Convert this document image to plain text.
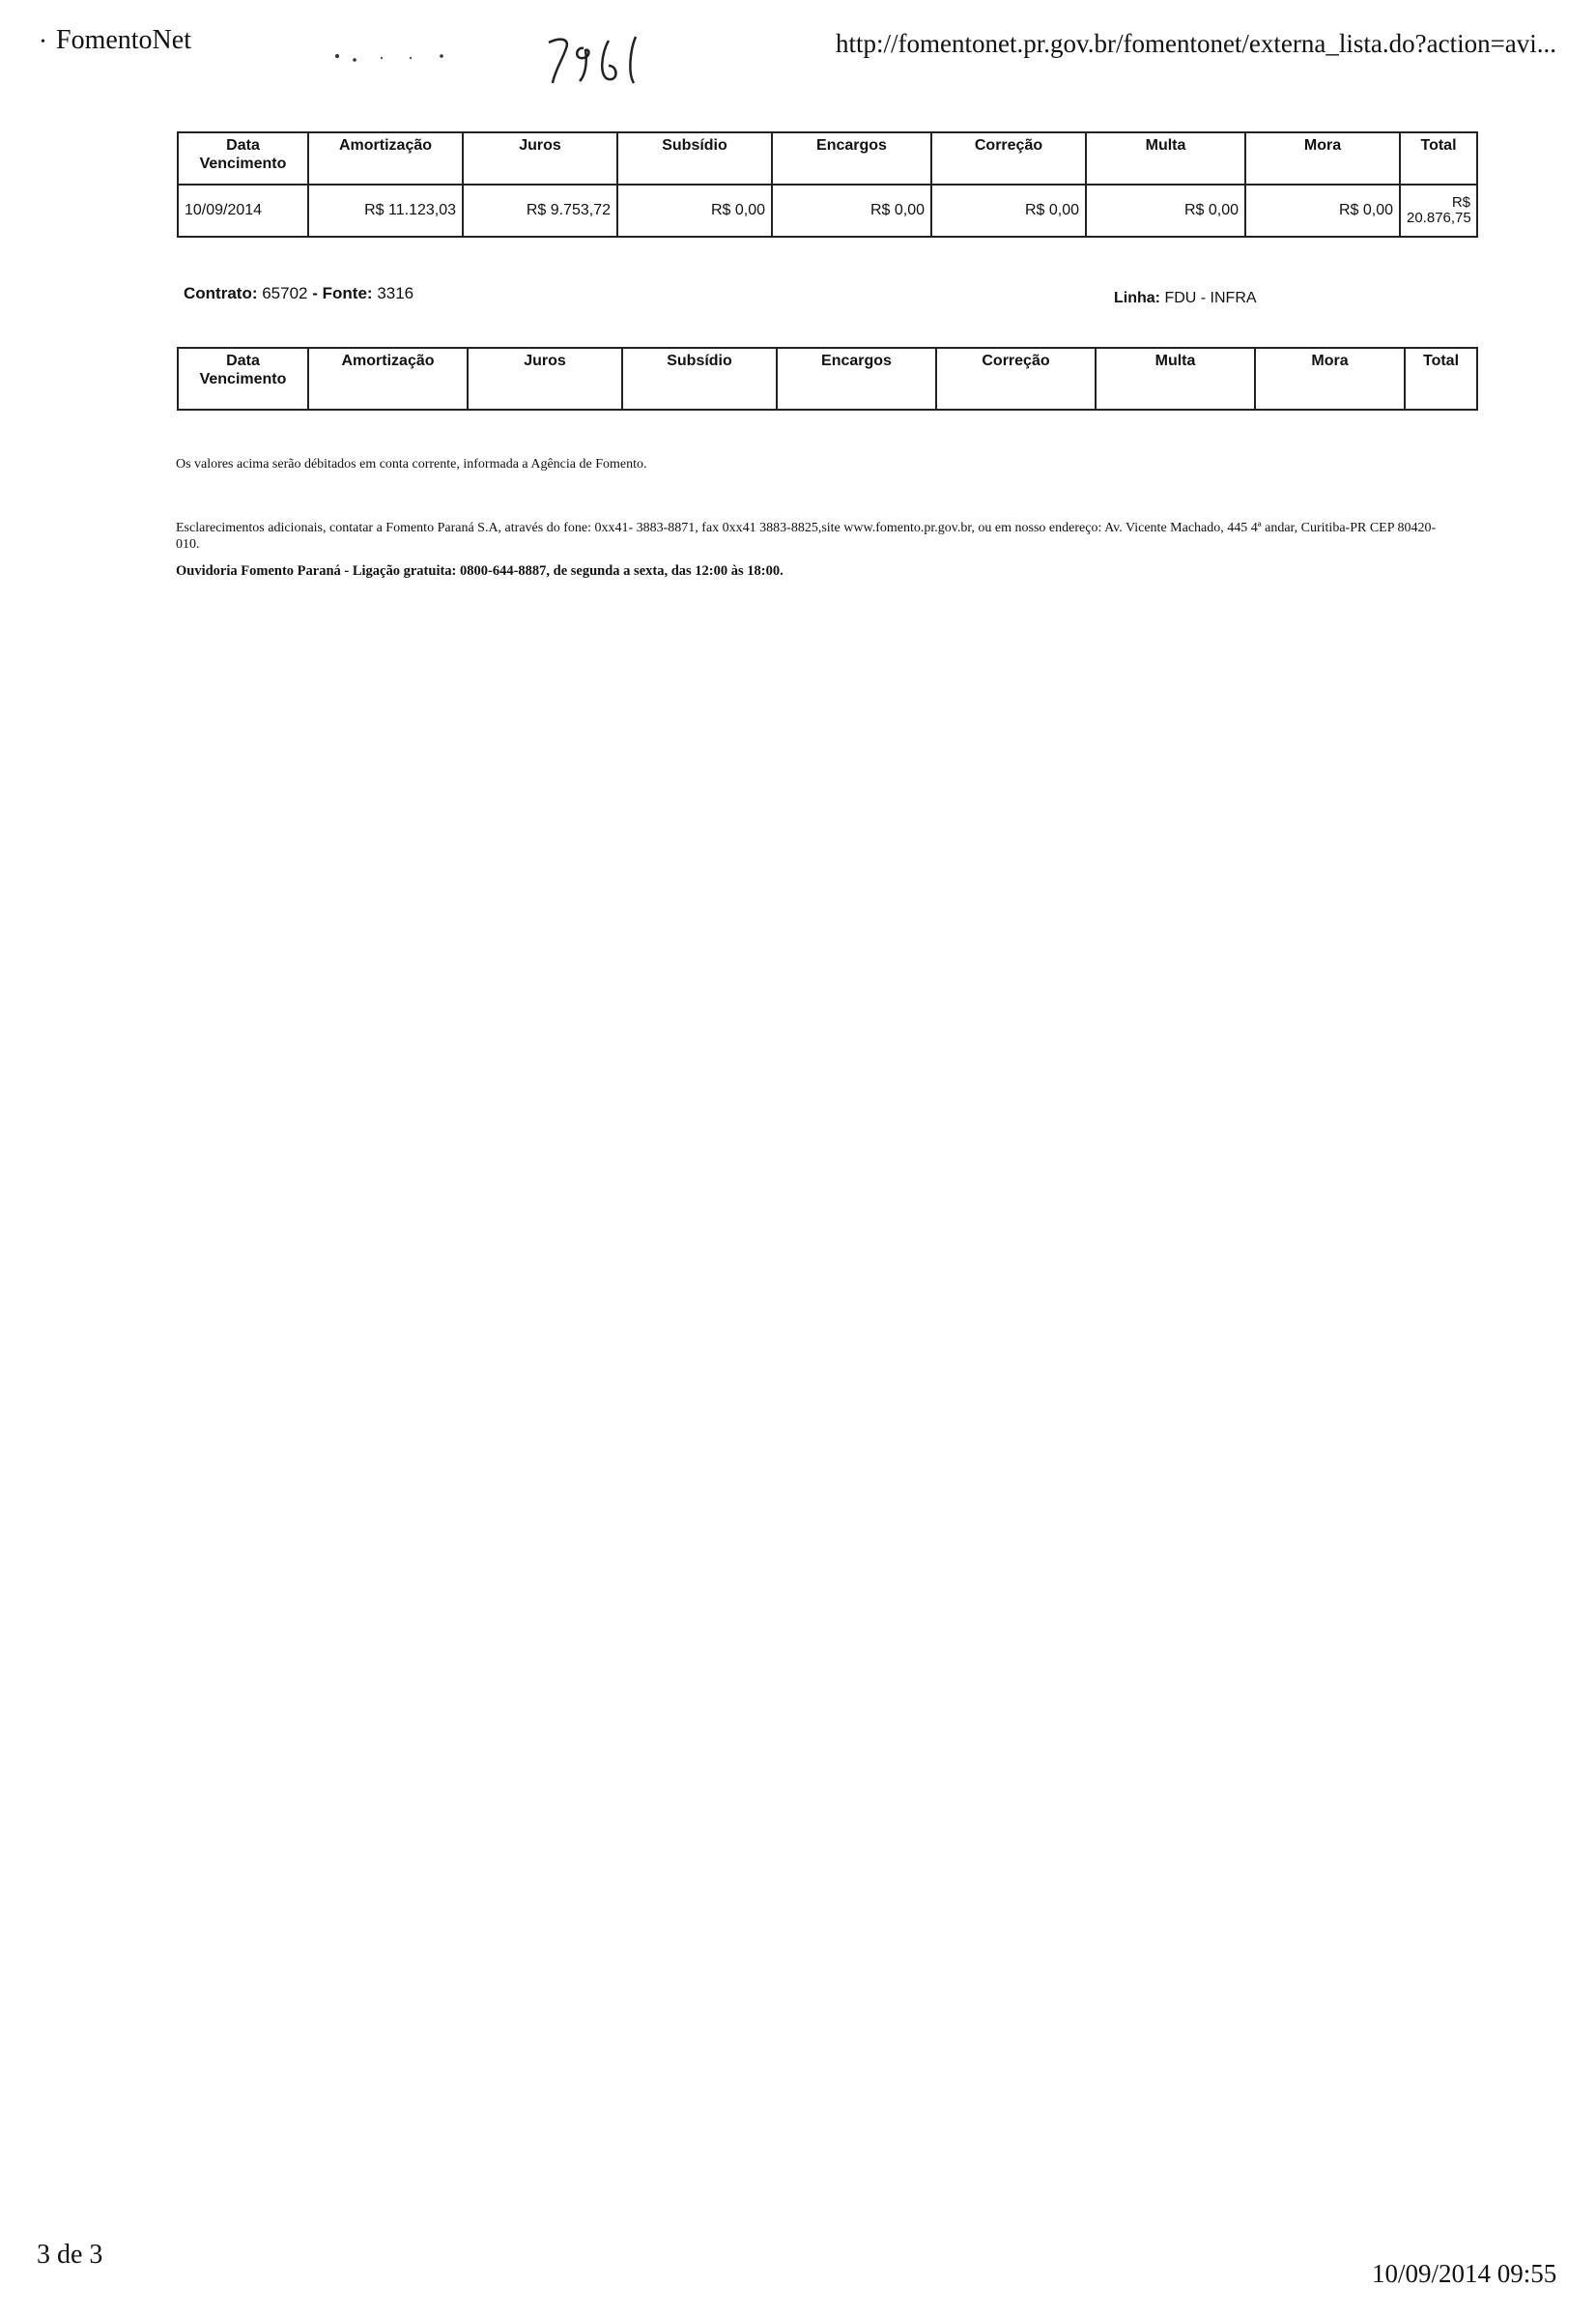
• FomentoNet	http://fomentonet.pr.gov.br/fomentonet/externa_lista.do?action=avi...
Data Vencimento	Amortização	Juros	Subsídio	Encargos	Correção	Multa	Mora	Total
10/09/2014	R$ 11.123,03	R$ 9.753,72	R$ 0,00	R$ 0,00	R$ 0,00	R$ 0,00	R$ 0,00	R$ 20.876,75
Contrato: 65702 - Fonte: 3316	Linha: FDU - INFRA
Data Vencimento	Amortização	Juros	Subsídio	Encargos	Correção	Multa	Mora	Total
Os valores acima serão débitados em conta corrente, informada a Agência de Fomento.
Esclarecimentos adicionais, contatar a Fomento Paraná S.A, através do fone: 0xx41- 3883-8871, fax 0xx41 3883-8825,site www.fomento.pr.gov.br, ou em nosso endereço: Av. Vicente Machado, 445 4ª andar, Curitiba-PR CEP 80420-010.
Ouvidoria Fomento Paraná - Ligação gratuita: 0800-644-8887, de segunda a sexta, das 12:00 às 18:00.
3 de 3
10/09/2014 09:55
